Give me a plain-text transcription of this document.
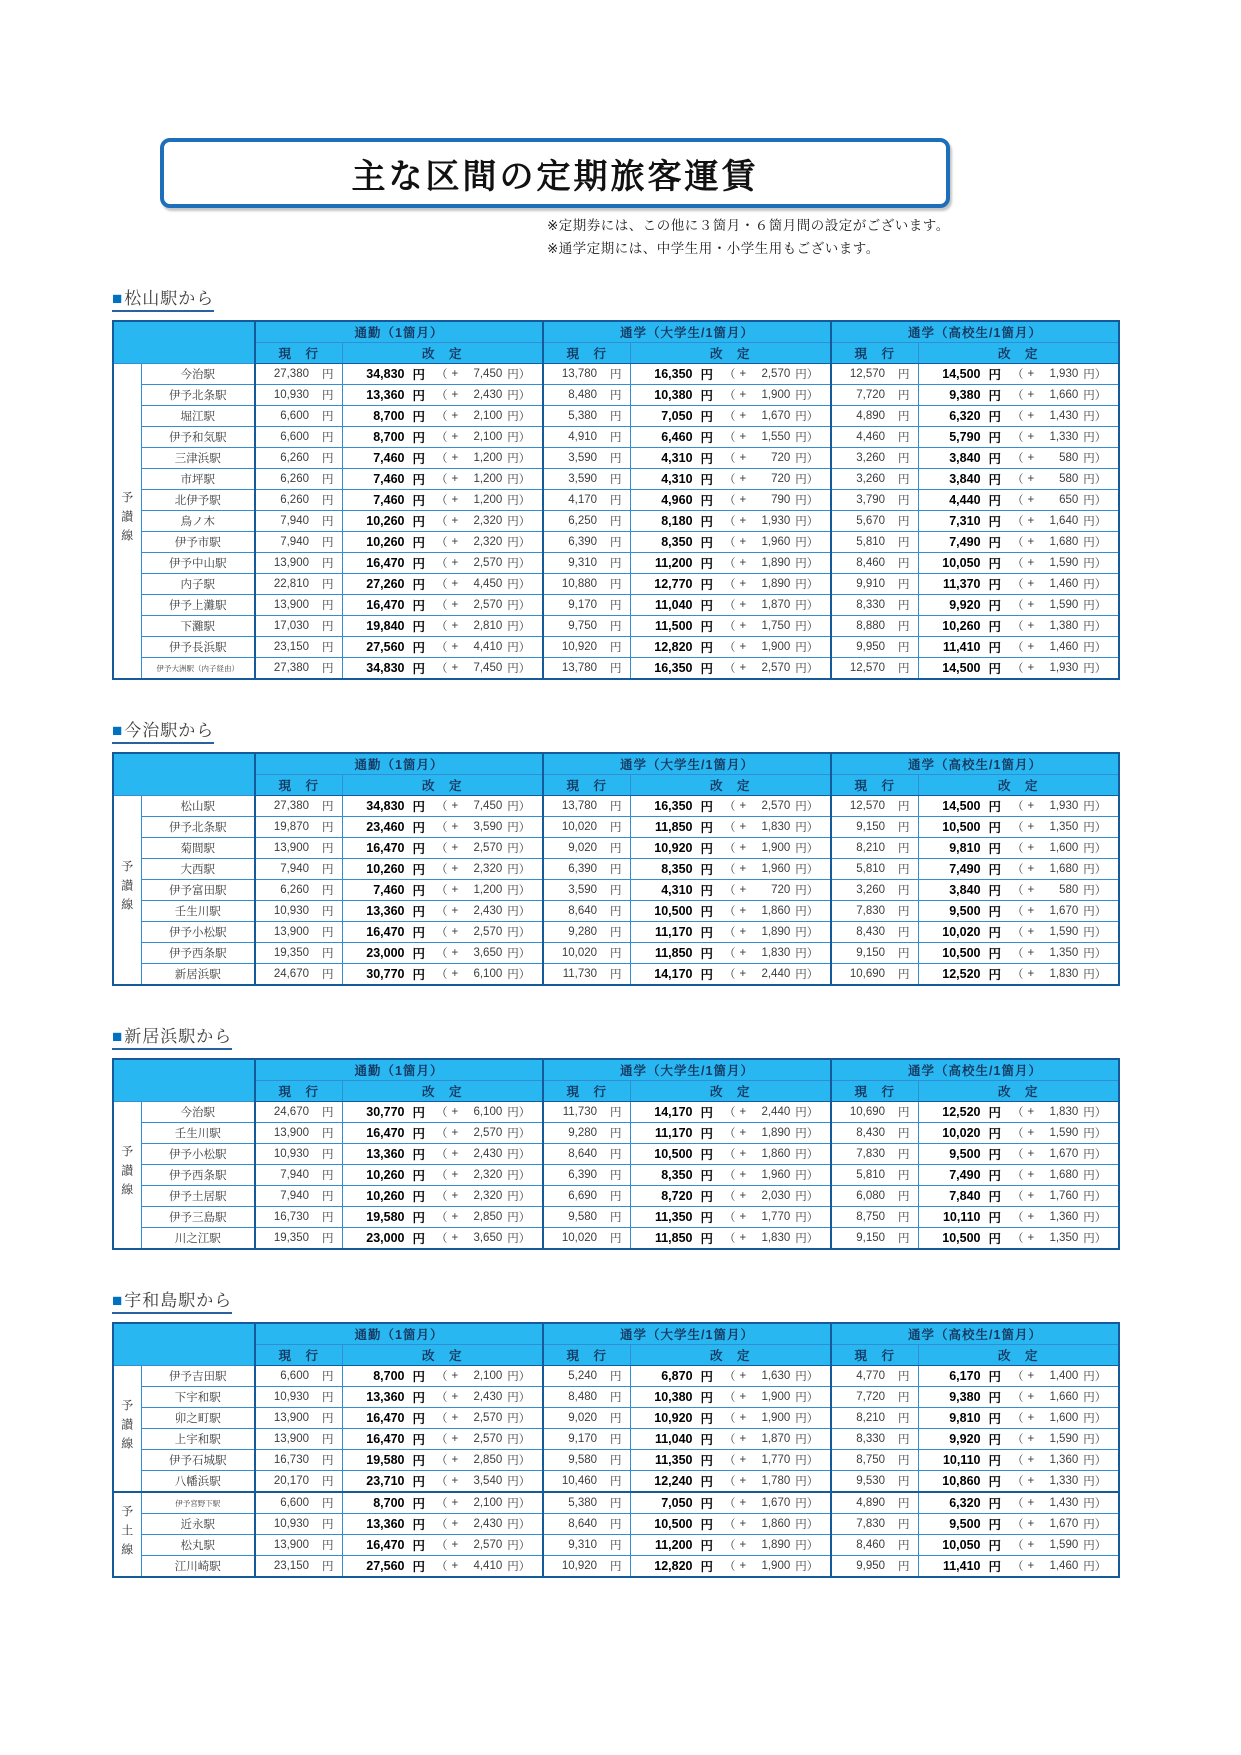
主な区間の定期旅客運賃
※定期券には、この他に３箇月・６箇月間の設定がございます。
※通学定期には、中学生用・小学生用もございます。
■松山駅から
		通勤（1箇月）		通学（大学生/1箇月）		通学（高校生/1箇月）	
		現　行	改　定	現　行	改　定	現　行	改　定
予讃線	今治駅	27,380 円	34,830 円 （ +	7,450 円）	13,780 円	16,350 円 （ +	2,570 円）	12,570 円	14,500 円 （ +	1,930 円）

伊予北条駅	10,930 円	13,360 円 （ +	2,430 円）	8,480 円	10,380 円 （ +	1,900 円）	7,720 円	9,380 円 （ +	1,660 円）

堀江駅	6,600 円	8,700 円 （ +	2,100 円）	5,380 円	7,050 円 （ +	1,670 円）	4,890 円	6,320 円 （ +	1,430 円）

伊予和気駅	6,600 円	8,700 円 （ +	2,100 円）	4,910 円	6,460 円 （ +	1,550 円）	4,460 円	5,790 円 （ +	1,330 円）

三津浜駅	6,260 円	7,460 円 （ +	1,200 円）	3,590 円	4,310 円 （ +	720 円）	3,260 円	3,840 円 （ +	580 円）

市坪駅	6,260 円	7,460 円 （ +	1,200 円）	3,590 円	4,310 円 （ +	720 円）	3,260 円	3,840 円 （ +	580 円）

北伊予駅	6,260 円	7,460 円 （ +	1,200 円）	4,170 円	4,960 円 （ +	790 円）	3,790 円	4,440 円 （ +	650 円）

鳥ノ木	7,940 円	10,260 円 （ +	2,320 円）	6,250 円	8,180 円 （ +	1,930 円）	5,670 円	7,310 円 （ +	1,640 円）

伊予市駅	7,940 円	10,260 円 （ +	2,320 円）	6,390 円	8,350 円 （ +	1,960 円）	5,810 円	7,490 円 （ +	1,680 円）

伊予中山駅	13,900 円	16,470 円 （ +	2,570 円）	9,310 円	11,200 円 （ +	1,890 円）	8,460 円	10,050 円 （ +	1,590 円）

内子駅	22,810 円	27,260 円 （ +	4,450 円）	10,880 円	12,770 円 （ +	1,890 円）	9,910 円	11,370 円 （ +	1,460 円）

伊予上灘駅	13,900 円	16,470 円 （ +	2,570 円）	9,170 円	11,040 円 （ +	1,870 円）	8,330 円	9,920 円 （ +	1,590 円）

下灘駅	17,030 円	19,840 円 （ +	2,810 円）	9,750 円	11,500 円 （ +	1,750 円）	8,880 円	10,260 円 （ +	1,380 円）

伊予長浜駅	23,150 円	27,560 円 （ +	4,410 円）	10,920 円	12,820 円 （ +	1,900 円）	9,950 円	11,410 円 （ +	1,460 円）

伊予大洲駅（内子経由）	27,380 円	34,830 円 （ +	7,450 円）	13,780 円	16,350 円 （ +	2,570 円）	12,570 円	14,500 円 （ +	1,930 円）
■今治駅から
		通勤（1箇月）		通学（大学生/1箇月）		通学（高校生/1箇月）	
		現　行	改　定	現　行	改　定	現　行	改　定
予讃線	松山駅	27,380 円	34,830 円 （ +	7,450 円）	13,780 円	16,350 円 （ +	2,570 円）	12,570 円	14,500 円 （ +	1,930 円）

伊予北条駅	19,870 円	23,460 円 （ +	3,590 円）	10,020 円	11,850 円 （ +	1,830 円）	9,150 円	10,500 円 （ +	1,350 円）

菊間駅	13,900 円	16,470 円 （ +	2,570 円）	9,020 円	10,920 円 （ +	1,900 円）	8,210 円	9,810 円 （ +	1,600 円）

大西駅	7,940 円	10,260 円 （ +	2,320 円）	6,390 円	8,350 円 （ +	1,960 円）	5,810 円	7,490 円 （ +	1,680 円）

伊予富田駅	6,260 円	7,460 円 （ +	1,200 円）	3,590 円	4,310 円 （ +	720 円）	3,260 円	3,840 円 （ +	580 円）

壬生川駅	10,930 円	13,360 円 （ +	2,430 円）	8,640 円	10,500 円 （ +	1,860 円）	7,830 円	9,500 円 （ +	1,670 円）

伊予小松駅	13,900 円	16,470 円 （ +	2,570 円）	9,280 円	11,170 円 （ +	1,890 円）	8,430 円	10,020 円 （ +	1,590 円）

伊予西条駅	19,350 円	23,000 円 （ +	3,650 円）	10,020 円	11,850 円 （ +	1,830 円）	9,150 円	10,500 円 （ +	1,350 円）

新居浜駅	24,670 円	30,770 円 （ +	6,100 円）	11,730 円	14,170 円 （ +	2,440 円）	10,690 円	12,520 円 （ +	1,830 円）
■新居浜駅から
		通勤（1箇月）		通学（大学生/1箇月）		通学（高校生/1箇月）	
		現　行	改　定	現　行	改　定	現　行	改　定
予讃線	今治駅	24,670 円	30,770 円 （ +	6,100 円）	11,730 円	14,170 円 （ +	2,440 円）	10,690 円	12,520 円 （ +	1,830 円）

壬生川駅	13,900 円	16,470 円 （ +	2,570 円）	9,280 円	11,170 円 （ +	1,890 円）	8,430 円	10,020 円 （ +	1,590 円）

伊予小松駅	10,930 円	13,360 円 （ +	2,430 円）	8,640 円	10,500 円 （ +	1,860 円）	7,830 円	9,500 円 （ +	1,670 円）

伊予西条駅	7,940 円	10,260 円 （ +	2,320 円）	6,390 円	8,350 円 （ +	1,960 円）	5,810 円	7,490 円 （ +	1,680 円）

伊予土居駅	7,940 円	10,260 円 （ +	2,320 円）	6,690 円	8,720 円 （ +	2,030 円）	6,080 円	7,840 円 （ +	1,760 円）

伊予三島駅	16,730 円	19,580 円 （ +	2,850 円）	9,580 円	11,350 円 （ +	1,770 円）	8,750 円	10,110 円 （ +	1,360 円）

川之江駅	19,350 円	23,000 円 （ +	3,650 円）	10,020 円	11,850 円 （ +	1,830 円）	9,150 円	10,500 円 （ +	1,350 円）
■宇和島駅から
		通勤（1箇月）		通学（大学生/1箇月）		通学（高校生/1箇月）	
		現　行	改　定	現　行	改　定	現　行	改　定
予讃線	伊予吉田駅	6,600 円	8,700 円 （ +	2,100 円）	5,240 円	6,870 円 （ +	1,630 円）	4,770 円	6,170 円 （ +	1,400 円）

下宇和駅	10,930 円	13,360 円 （ +	2,430 円）	8,480 円	10,380 円 （ +	1,900 円）	7,720 円	9,380 円 （ +	1,660 円）

卯之町駅	13,900 円	16,470 円 （ +	2,570 円）	9,020 円	10,920 円 （ +	1,900 円）	8,210 円	9,810 円 （ +	1,600 円）

上宇和駅	13,900 円	16,470 円 （ +	2,570 円）	9,170 円	11,040 円 （ +	1,870 円）	8,330 円	9,920 円 （ +	1,590 円）

伊予石城駅	16,730 円	19,580 円 （ +	2,850 円）	9,580 円	11,350 円 （ +	1,770 円）	8,750 円	10,110 円 （ +	1,360 円）

八幡浜駅	20,170 円	23,710 円 （ +	3,540 円）	10,460 円	12,240 円 （ +	1,780 円）	9,530 円	10,860 円 （ +	1,330 円）

予土線	伊予宮野下駅	6,600 円	8,700 円 （ +	2,100 円）	5,380 円	7,050 円 （ +	1,670 円）	4,890 円	6,320 円 （ +	1,430 円）

近永駅	10,930 円	13,360 円 （ +	2,430 円）	8,640 円	10,500 円 （ +	1,860 円）	7,830 円	9,500 円 （ +	1,670 円）

松丸駅	13,900 円	16,470 円 （ +	2,570 円）	9,310 円	11,200 円 （ +	1,890 円）	8,460 円	10,050 円 （ +	1,590 円）

江川崎駅	23,150 円	27,560 円 （ +	4,410 円）	10,920 円	12,820 円 （ +	1,900 円）	9,950 円	11,410 円 （ +	1,460 円）
